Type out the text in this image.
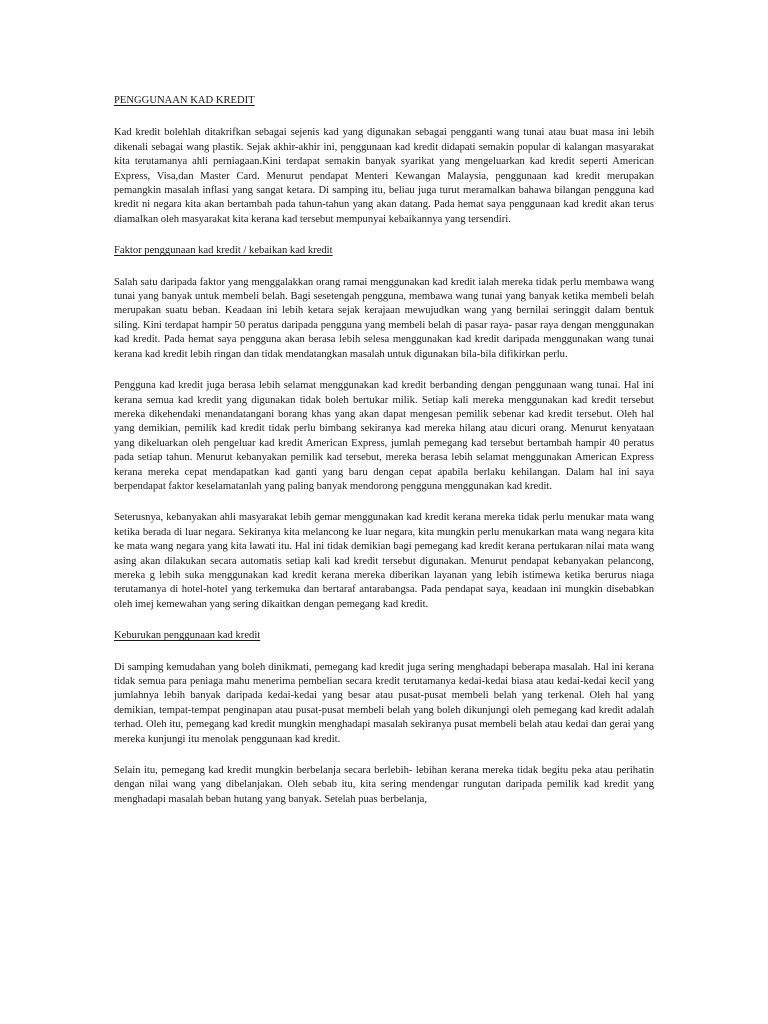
PENGGUNAAN KAD KREDIT

Kad kredit bolehlah ditakrifkan sebagai sejenis kad yang digunakan sebagai pengganti wang tunai atau buat masa ini lebih dikenali sebagai wang plastik. Sejak akhir-akhir ini, penggunaan kad kredit didapati semakin popular di kalangan masyarakat kita terutamanya ahli perniagaan.Kini terdapat semakin banyak syarikat yang mengeluarkan kad kredit seperti American Express, Visa,dan Master Card. Menurut pendapat Menteri Kewangan Malaysia, penggunaan kad kredit merupakan pemangkin masalah inflasi yang sangat ketara. Di samping itu, beliau juga turut meramalkan bahawa bilangan pengguna kad kredit ni negara kita akan bertambah pada tahun-tahun yang akan datang. Pada hemat saya penggunaan kad kredit akan terus diamalkan oleh masyarakat kita kerana kad tersebut mempunyai kebaikannya yang tersendiri.

Faktor penggunaan kad kredit / kebaikan kad kredit

Salah satu daripada faktor yang menggalakkan orang ramai menggunakan kad kredit ialah mereka tidak perlu membawa wang tunai yang banyak untuk membeli belah. Bagi sesetengah pengguna, membawa wang tunai yang banyak ketika membeli belah merupakan suatu beban. Keadaan ini lebih ketara sejak kerajaan mewujudkan wang yang bernilai seringgit dalam bentuk siling. Kini terdapat hampir 50 peratus daripada pengguna yang membeli belah di pasar raya- pasar raya dengan menggunakan kad kredit. Pada hemat saya pengguna akan berasa lebih selesa menggunakan kad kredit daripada menggunakan wang tunai kerana kad kredit lebih ringan dan tidak mendatangkan masalah untuk digunakan bila-bila difikirkan perlu.

Pengguna kad kredit juga berasa lebih selamat menggunakan kad kredit berbanding dengan penggunaan wang tunai. Hal ini kerana semua kad kredit yang digunakan tidak boleh bertukar milik. Setiap kali mereka menggunakan kad kredit tersebut mereka dikehendaki menandatangani borang khas yang akan dapat mengesan pemilik sebenar kad kredit tersebut. Oleh hal yang demikian, pemilik kad kredit tidak perlu bimbang sekiranya kad mereka hilang atau dicuri orang. Menurut kenyataan yang dikeluarkan oleh pengeluar kad kredit American Express, jumlah pemegang kad tersebut bertambah hampir 40 peratus pada setiap tahun. Menurut kebanyakan pemilik kad tersebut, mereka berasa lebih selamat menggunakan American Express kerana mereka cepat mendapatkan kad ganti yang baru dengan cepat apabila berlaku kehilangan. Dalam hal ini saya berpendapat faktor keselamatanlah yang paling banyak mendorong pengguna menggunakan kad kredit.

Seterusnya, kebanyakan ahli masyarakat lebih gemar menggunakan kad kredit kerana mereka tidak perlu menukar mata wang ketika berada di luar negara. Sekiranya kita melancong ke luar negara, kita mungkin perlu menukarkan mata wang negara kita ke mata wang negara yang kita lawati itu. Hal ini tidak demikian bagi pemegang kad kredit kerana pertukaran nilai mata wang asing akan dilakukan secara automatis setiap kali kad kredit tersebut digunakan. Menurut pendapat kebanyakan pelancong, mereka g lebih suka menggunakan kad kredit kerana mereka diberikan layanan yang lebih istimewa ketika berurus niaga terutamanya di hotel-hotel yang terkemuka dan bertaraf antarabangsa. Pada pendapat saya, keadaan ini mungkin disebabkan oleh imej kemewahan yang sering dikaitkan dengan pemegang kad kredit.

Keburukan penggunaan kad kredit

Di samping kemudahan yang boleh dinikmati, pemegang kad kredit juga sering menghadapi beberapa masalah. Hal ini kerana tidak semua para peniaga mahu menerima pembelian secara kredit terutamanya kedai-kedai biasa atau kedai-kedai kecil yang jumlahnya lebih banyak daripada kedai-kedai yang besar atau pusat-pusat membeli belah yang terkenal. Oleh hal yang demikian, tempat-tempat penginapan atau pusat-pusat membeli belah yang boleh dikunjungi oleh pemegang kad kredit adalah terhad. Oleh itu, pemegang kad kredit mungkin menghadapi masalah sekiranya pusat membeli belah atau kedai dan gerai yang mereka kunjungi itu menolak penggunaan kad kredit.

Selain itu, pemegang kad kredit mungkin berbelanja secara berlebih- lebihan kerana mereka tidak begitu peka atau perihatin dengan nilai wang yang dibelanjakan. Oleh sebab itu, kita sering mendengar rungutan daripada pemilik kad kredit yang menghadapi masalah beban hutang yang banyak. Setelah puas berbelanja,
